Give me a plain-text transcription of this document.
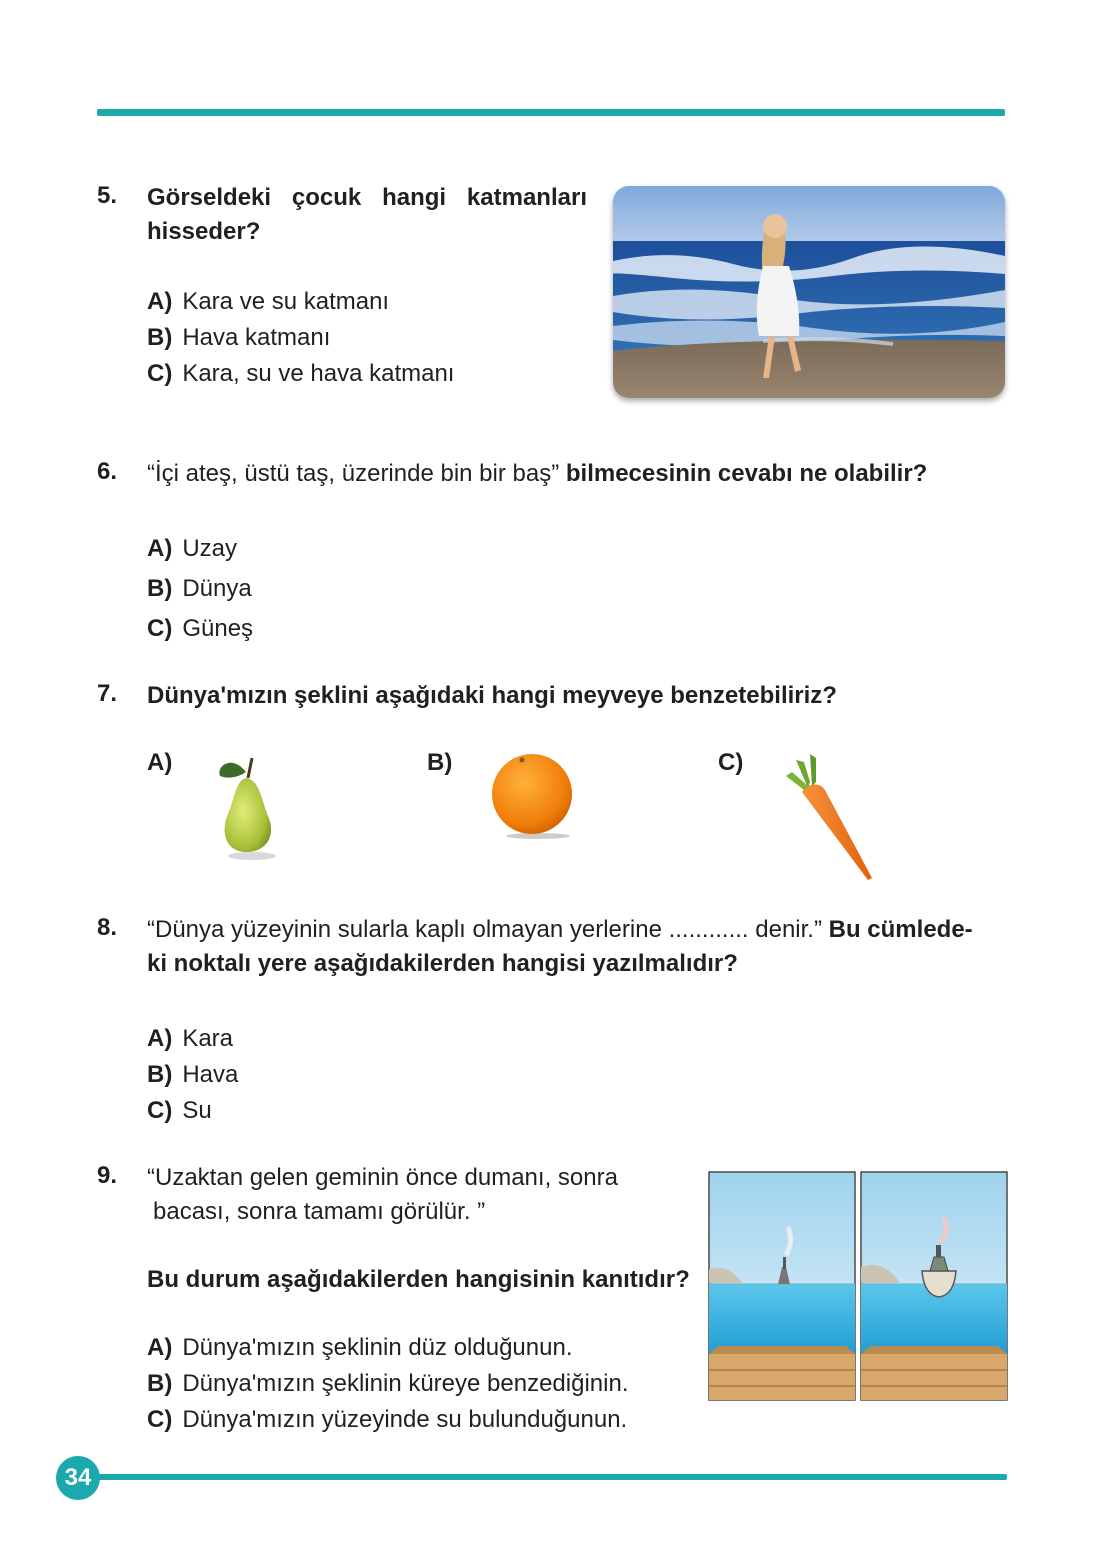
5. Görseldeki çocuk hangi katmanları
hisseder?
A) Kara ve su katmanı
B) Hava katmanı
C) Kara, su ve hava katmanı
6. “İçi ateş, üstü taş, üzerinde bin bir baş” bilmecesinin cevabı ne olabilir?
A) Uzay
B) Dünya
C) Güneş
7. Dünya'mızın şeklini aşağıdaki hangi meyveye benzetebiliriz?
A)	B)	C)
8. “Dünya yüzeyinin sularla kaplı olmayan yerlerine ............ denir.” Bu cümlede-
ki noktalı yere aşağıdakilerden hangisi yazılmalıdır?
A) Kara
B) Hava
C) Su
9. “Uzaktan gelen geminin önce dumanı, sonra
bacası, sonra tamamı görülür. ”
Bu durum aşağıdakilerden hangisinin kanıtıdır?
A) Dünya'mızın şeklinin düz olduğunun.
B) Dünya'mızın şeklinin küreye benzediğinin.
C) Dünya'mızın yüzeyinde su bulunduğunun.
34
